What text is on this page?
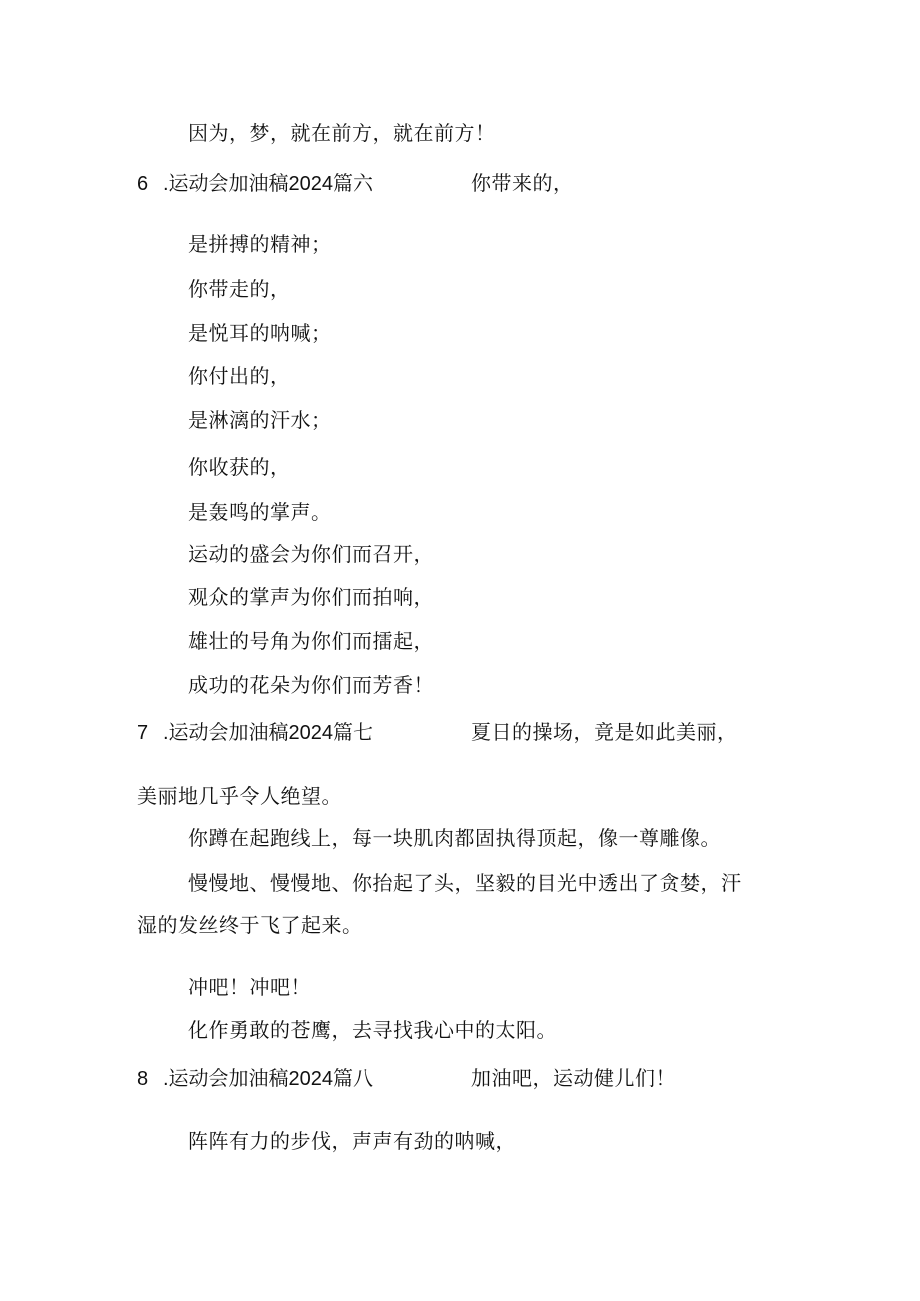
因为，梦，就在前方，就在前方！
6 .运动会加油稿2024篇六	你带来的，
是拼搏的精神；
你带走的，
是悦耳的呐喊；
你付出的，
是淋漓的汗水；
你收获的，
是轰鸣的掌声。
运动的盛会为你们而召开，
观众的掌声为你们而拍响，
雄壮的号角为你们而擂起，
成功的花朵为你们而芳香！
7 .运动会加油稿2024篇七	夏日的操场，竟是如此美丽，
美丽地几乎令人绝望。
你蹲在起跑线上，每一块肌肉都固执得顶起，像一尊雕像。
慢慢地、慢慢地、你抬起了头，坚毅的目光中透出了贪婪，汗
湿的发丝终于飞了起来。
冲吧！冲吧！
化作勇敢的苍鹰，去寻找我心中的太阳。
8 .运动会加油稿2024篇八	加油吧，运动健儿们！
阵阵有力的步伐，声声有劲的呐喊，
